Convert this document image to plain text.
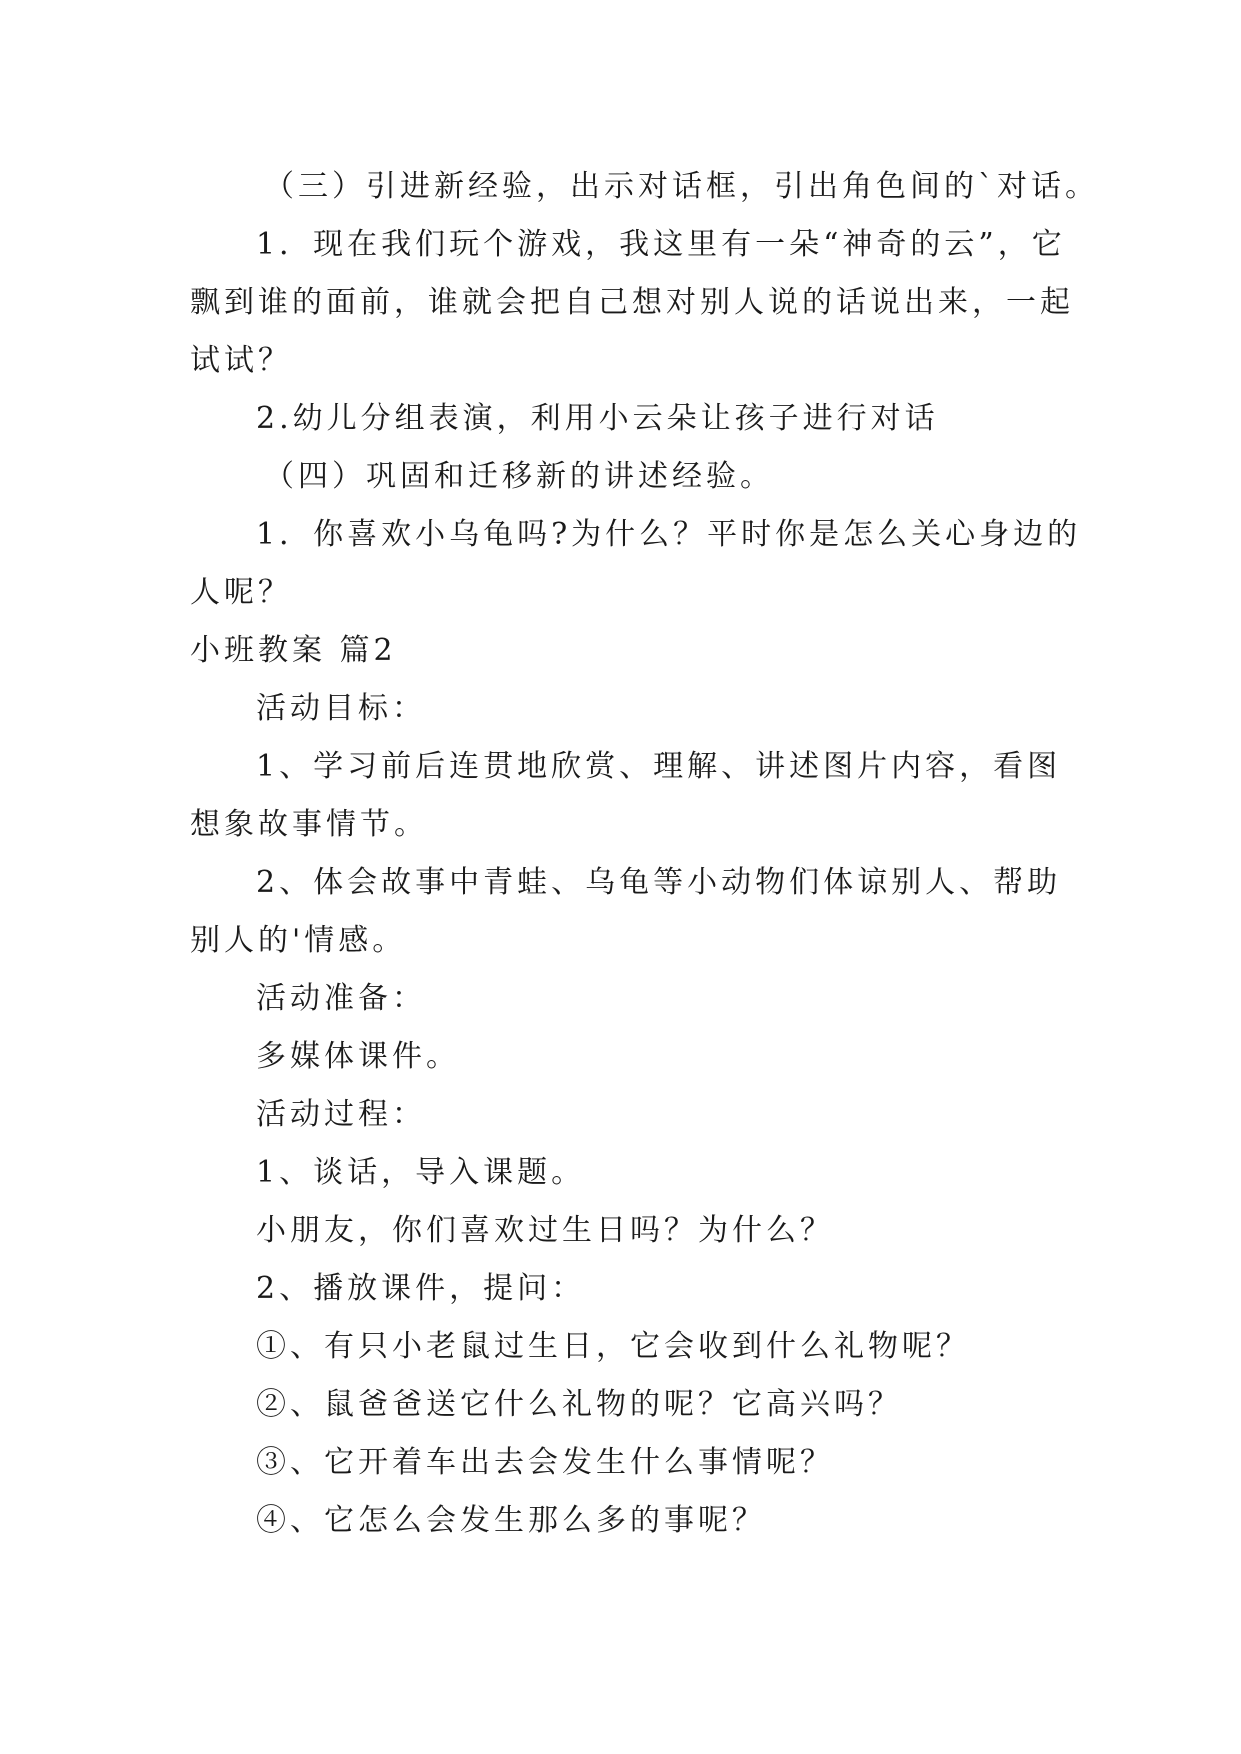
（三）引进新经验，出示对话框，引出角色间的`对话。

1．现在我们玩个游戏，我这里有一朵“神奇的云”，它

飘到谁的面前，谁就会把自己想对别人说的话说出来，一起

试试？

2.幼儿分组表演，利用小云朵让孩子进行对话

（四）巩固和迁移新的讲述经验。

1．你喜欢小乌龟吗?为什么？平时你是怎么关心身边的

人呢？

小班教案 篇2

活动目标：

1、学习前后连贯地欣赏、理解、讲述图片内容，看图

想象故事情节。

2、体会故事中青蛙、乌龟等小动物们体谅别人、帮助

别人的'情感。

活动准备：

多媒体课件。

活动过程：

1、谈话，导入课题。

小朋友，你们喜欢过生日吗？为什么？

2、播放课件，提问：

①、有只小老鼠过生日，它会收到什么礼物呢？

②、鼠爸爸送它什么礼物的呢？它高兴吗？

③、它开着车出去会发生什么事情呢？

④、它怎么会发生那么多的事呢？
